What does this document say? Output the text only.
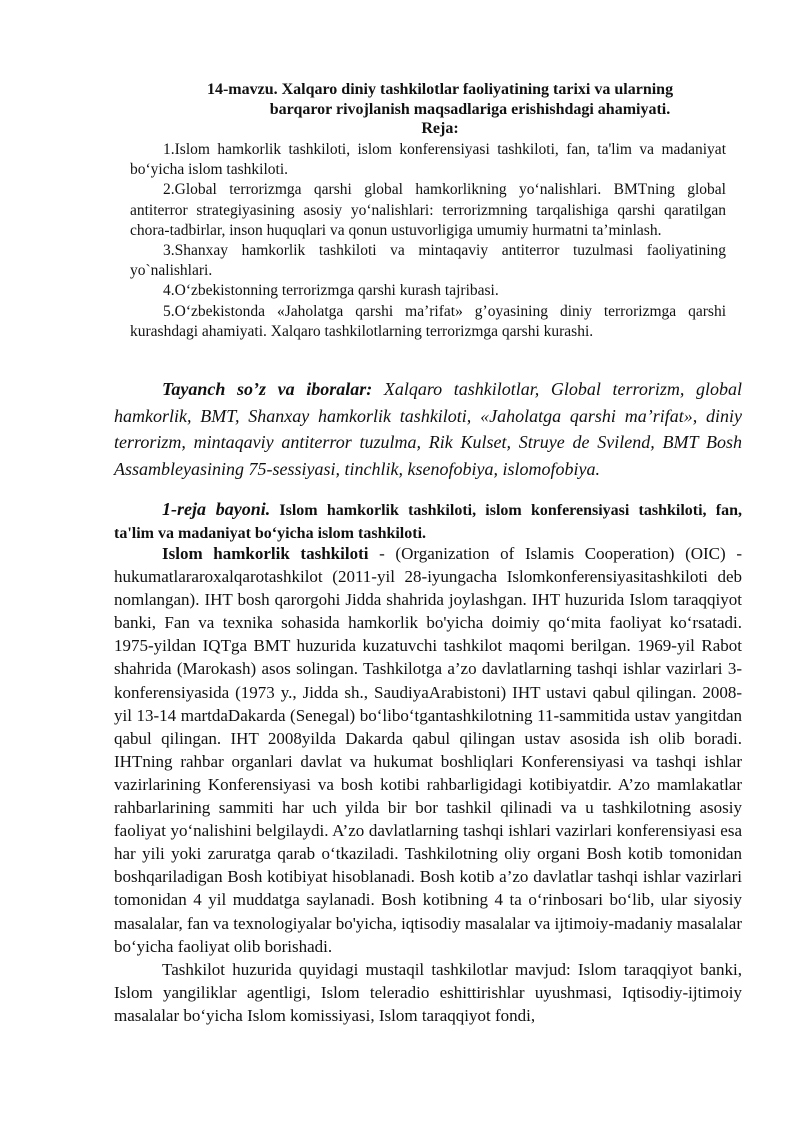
14-mavzu. Xalqaro diniy tashkilotlar faoliyatining tarixi va ularning
barqaror rivojlanish maqsadlariga erishishdagi ahamiyati.
Reja:

1.Islom hamkorlik tashkiloti, islom konferensiyasi tashkiloti, fan, ta'lim va madaniyat bo‘yicha islom tashkiloti.

2.Global terrorizmga qarshi global hamkorlikning yo‘nalishlari. BMTning global antiterror strategiyasining asosiy yo‘nalishlari: terrorizmning tarqalishiga qarshi qaratilgan chora-tadbirlar, inson huquqlari va qonun ustuvorligiga umumiy hurmatni ta’minlash.

3.Shanxay hamkorlik tashkiloti va mintaqaviy antiterror tuzulmasi faoliyatining yo`nalishlari.

4.O‘zbekistonning terrorizmga qarshi kurash tajribasi.

5.O‘zbekistonda «Jaholatga qarshi ma’rifat» g’oyasining diniy terrorizmga qarshi kurashdagi ahamiyati. Xalqaro tashkilotlarning terrorizmga qarshi kurashi.

Tayanch so’z va iboralar: Xalqaro tashkilotlar, Global terrorizm, global hamkorlik, BMT, Shanxay hamkorlik tashkiloti, «Jaholatga qarshi ma’rifat», diniy terrorizm, mintaqaviy antiterror tuzulma, Rik Kulset, Struye de Svilend, BMT Bosh Assambleyasining 75-sessiyasi, tinchlik, ksenofobiya, islomofobiya.

1-reja bayoni. Islom hamkorlik tashkiloti, islom konferensiyasi tashkiloti, fan, ta'lim va madaniyat bo‘yicha islom tashkiloti.

Islom hamkorlik tashkiloti - (Organization of Islamis Cooperation) (OIC) - hukumatlararoxalqarotashkilot (2011-yil 28-iyungacha Islomkonferensiyasitashkiloti deb nomlangan). IHT bosh qarorgohi Jidda shahrida joylashgan. IHT huzurida Islom taraqqiyot banki, Fan va texnika sohasida hamkorlik bo'yicha doimiy qo‘mita faoliyat ko‘rsatadi. 1975-yildan IQTga BMT huzurida kuzatuvchi tashkilot maqomi berilgan. 1969-yil Rabot shahrida (Marokash) asos solingan. Tashkilotga a’zo davlatlarning tashqi ishlar vazirlari 3-konferensiyasida (1973 y., Jidda sh., SaudiyaArabistoni) IHT ustavi qabul qilingan. 2008-yil 13-14 martdaDakarda (Senegal) bo‘libo‘tgantashkilotning 11-sammitida ustav yangitdan qabul qilingan. IHT 2008yilda Dakarda qabul qilingan ustav asosida ish olib boradi. IHTning rahbar organlari davlat va hukumat boshliqlari Konferensiyasi va tashqi ishlar vazirlarining Konferensiyasi va bosh kotibi rahbarligidagi kotibiyatdir. A’zo mamlakatlar rahbarlarining sammiti har uch yilda bir bor tashkil qilinadi va u tashkilotning asosiy faoliyat yo‘nalishini belgilaydi. A’zo davlatlarning tashqi ishlari vazirlari konferensiyasi esa har yili yoki zaruratga qarab o‘tkaziladi. Tashkilotning oliy organi Bosh kotib tomonidan boshqariladigan Bosh kotibiyat hisoblanadi. Bosh kotib a’zo davlatlar tashqi ishlar vazirlari tomonidan 4 yil muddatga saylanadi. Bosh kotibning 4 ta o‘rinbosari bo‘lib, ular siyosiy masalalar, fan va texnologiyalar bo'yicha, iqtisodiy masalalar va ijtimoiy-madaniy masalalar bo‘yicha faoliyat olib borishadi.

Tashkilot huzurida quyidagi mustaqil tashkilotlar mavjud: Islom taraqqiyot banki, Islom yangiliklar agentligi, Islom teleradio eshittirishlar uyushmasi, Iqtisodiy-ijtimoiy masalalar bo‘yicha Islom komissiyasi, Islom taraqqiyot fondi,
